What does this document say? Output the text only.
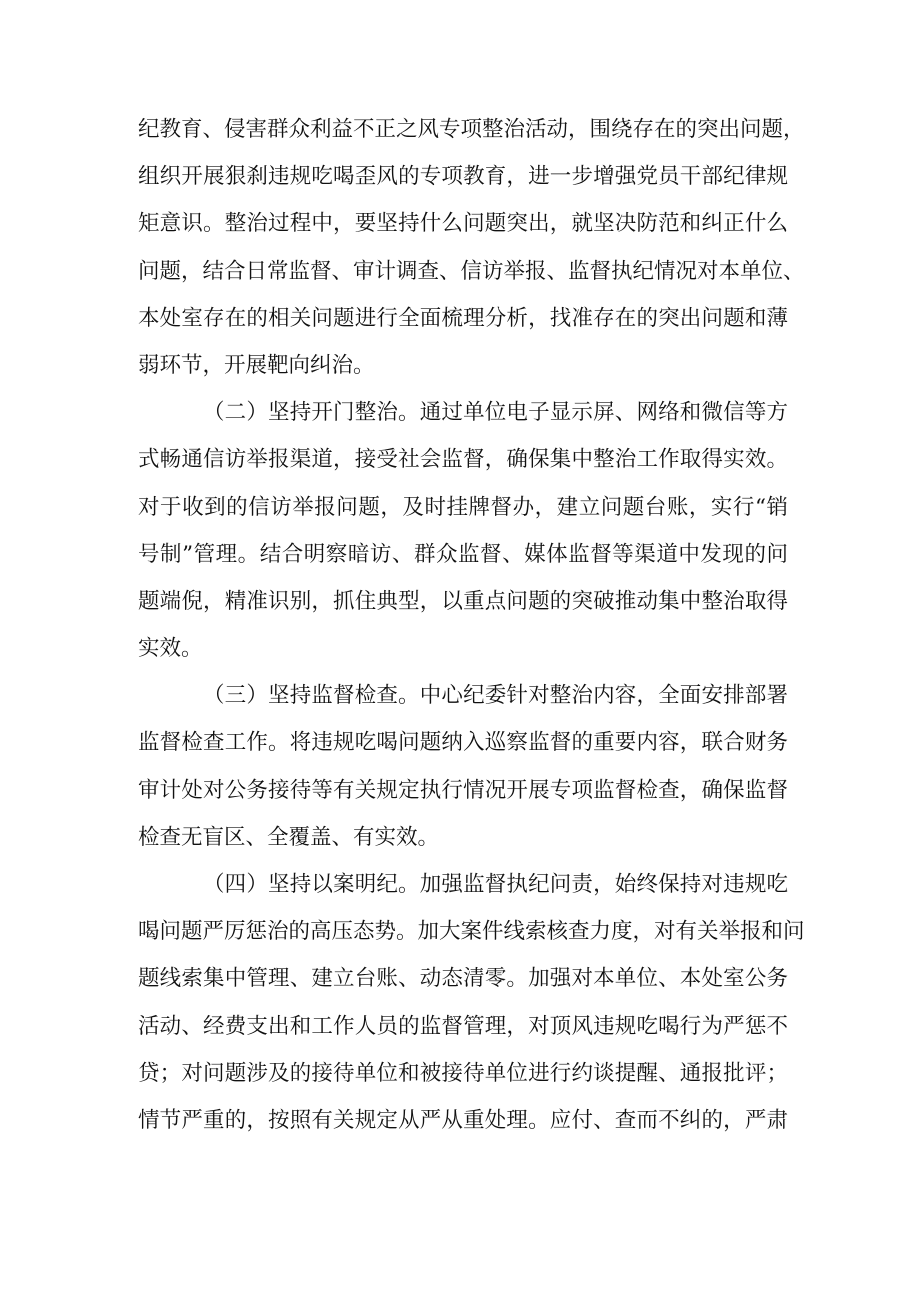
纪教育、侵害群众利益不正之风专项整治活动，围绕存在的突出问题，
组织开展狠刹违规吃喝歪风的专项教育，进一步增强党员干部纪律规
矩意识。整治过程中，要坚持什么问题突出，就坚决防范和纠正什么
问题，结合日常监督、审计调查、信访举报、监督执纪情况对本单位、
本处室存在的相关问题进行全面梳理分析，找准存在的突出问题和薄
弱环节，开展靶向纠治。
（二）坚持开门整治。通过单位电子显示屏、网络和微信等方
式畅通信访举报渠道，接受社会监督，确保集中整治工作取得实效。
对于收到的信访举报问题，及时挂牌督办，建立问题台账，实行“销
号制”管理。结合明察暗访、群众监督、媒体监督等渠道中发现的问
题端倪，精准识别，抓住典型，以重点问题的突破推动集中整治取得
实效。
（三）坚持监督检查。中心纪委针对整治内容，全面安排部署
监督检查工作。将违规吃喝问题纳入巡察监督的重要内容，联合财务
审计处对公务接待等有关规定执行情况开展专项监督检查，确保监督
检查无盲区、全覆盖、有实效。
（四）坚持以案明纪。加强监督执纪问责，始终保持对违规吃
喝问题严厉惩治的高压态势。加大案件线索核查力度，对有关举报和问
题线索集中管理、建立台账、动态清零。加强对本单位、本处室公务
活动、经费支出和工作人员的监督管理，对顶风违规吃喝行为严惩不
贷；对问题涉及的接待单位和被接待单位进行约谈提醒、通报批评；
情节严重的，按照有关规定从严从重处理。应付、查而不纠的，严肃
